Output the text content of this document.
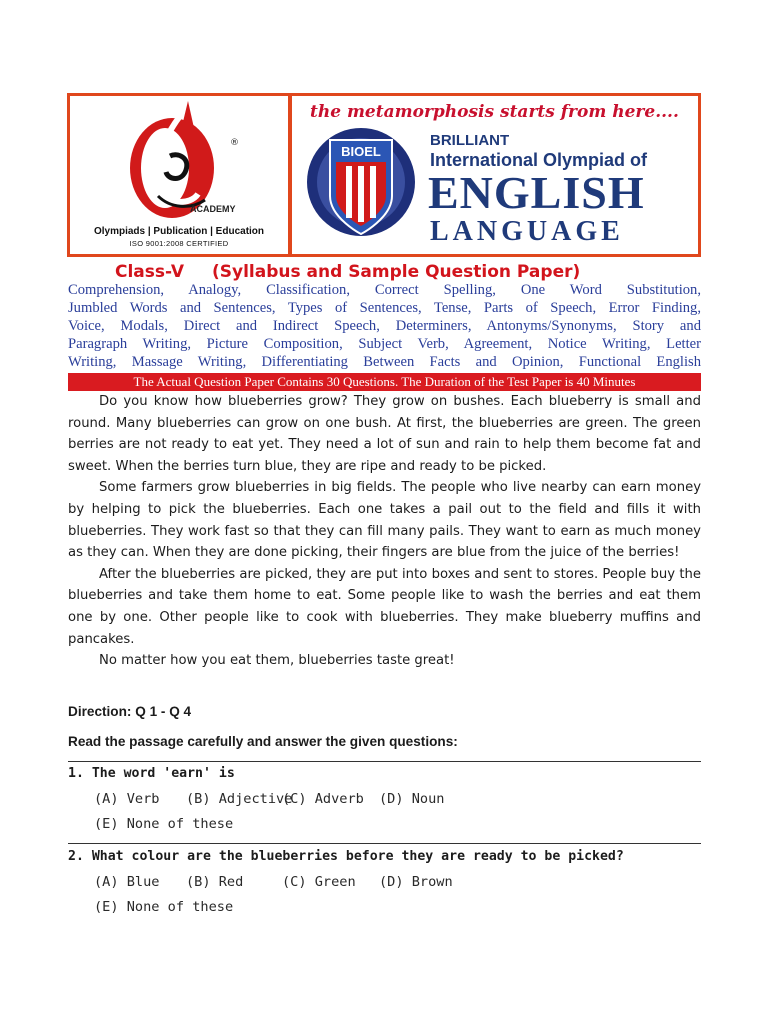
®
ACADEMY
Olympiads | Publication | Education
ISO 9001:2008 CERTIFIED
the metamorphosis starts from here....
BIOEL
BRILLIANT
International Olympiad of
ENGLISH
LANGUAGE
Class-V (Syllabus and Sample Question Paper)
Comprehension, Analogy, Classification, Correct Spelling, One Word Substitution,
Jumbled Words and Sentences, Types of Sentences, Tense, Parts of Speech, Error Finding,
Voice, Modals, Direct and Indirect Speech, Determiners, Antonyms/Synonyms, Story and
Paragraph Writing, Picture Composition, Subject Verb, Agreement, Notice Writing, Letter
Writing, Massage Writing, Differentiating Between Facts and Opinion, Functional English
The Actual Question Paper Contains 30 Questions. The Duration of the Test Paper is 40 Minutes

Do you know how blueberries grow? They grow on bushes. Each blueberry is small and round. Many blueberries can grow on one bush. At first, the blueberries are green. The green berries are not ready to eat yet. They need a lot of sun and rain to help them become fat and sweet. When the berries turn blue, they are ripe and ready to be picked.

Some farmers grow blueberries in big fields. The people who live nearby can earn money by helping to pick the blueberries. Each one takes a pail out to the field and fills it with blueberries. They work fast so that they can fill many pails. They want to earn as much money as they can. When they are done picking, their fingers are blue from the juice of the berries!

After the blueberries are picked, they are put into boxes and sent to stores. People buy the blueberries and take them home to eat. Some people like to wash the berries and eat them one by one. Other people like to cook with blueberries. They make blueberry muffins and pancakes.

No matter how you eat them, blueberries taste great!

Direction: Q 1 - Q 4
Read the passage carefully and answer the given questions:
1. The word 'earn' is
(A) Verb (B) Adjective
(C) Adverb (D) Noun
(E) None of these
2. What colour are the blueberries before they are ready to be picked?
(A) Blue (B) Red	(C) Green (D) Brown
(E) None of these
